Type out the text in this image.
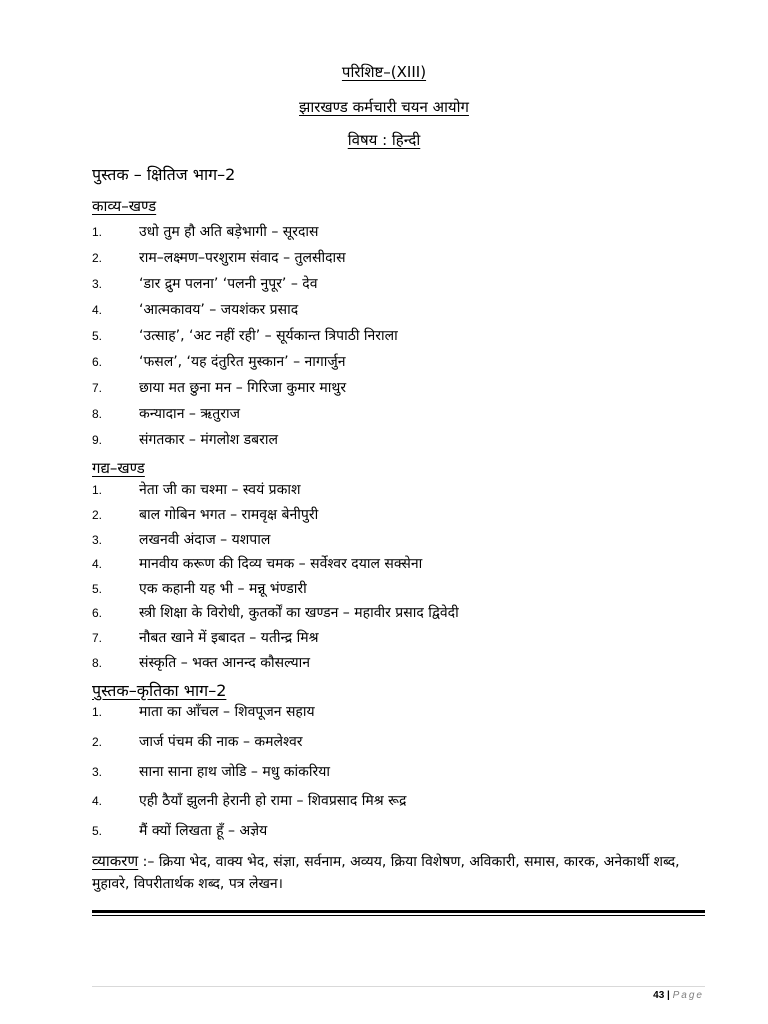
परिशिष्ट–(XIII)
झारखण्ड कर्मचारी चयन आयोग
विषय : हिन्दी
पुस्तक – क्षितिज भाग–2
काव्य–खण्ड
1.	उधो तुम हौ अति बड़ेभागी – सूरदास
2.	राम–लक्ष्मण–परशुराम संवाद – तुलसीदास
3.	‘डार द्रुम पलना’ ‘पलनी नुपूर’ – देव
4.	‘आत्मकावय’ – जयशंकर प्रसाद
5.	‘उत्साह’, ‘अट नहीं रही’ – सूर्यकान्त त्रिपाठी निराला
6.	‘फसल’, ‘यह दंतुरित मुस्कान’ – नागार्जुन
7.	छाया मत छुना मन – गिरिजा कुमार माथुर
8.	कन्यादान – ऋतुराज
9.	संगतकार – मंगलोश डबराल
गद्य–खण्ड
1.	नेता जी का चश्मा – स्वयं प्रकाश
2.	बाल गोबिन भगत – रामवृक्ष बेनीपुरी
3.	लखनवी अंदाज – यशपाल
4.	मानवीय करूण की दिव्य चमक – सर्वेश्वर दयाल सक्सेना
5.	एक कहानी यह भी – मन्नू भंण्डारी
6.	स्त्री शिक्षा के विरोधी, कुतर्कों का खण्डन – महावीर प्रसाद द्विवेदी
7.	नौबत खाने में इबादत – यतीन्द्र मिश्र
8.	संस्कृति – भक्त आनन्द कौसल्यान
पुस्तक–कृतिका भाग–2
1.	माता का आँचल – शिवपूजन सहाय
2.	जार्ज पंचम की नाक – कमलेश्वर
3.	साना साना हाथ जोडि – मधु कांकरिया
4.	एही ठैयाँ झुलनी हेरानी हो रामा – शिवप्रसाद मिश्र रूद्र
5.	मैं क्यों लिखता हूँ – अज्ञेय
व्याकरण :– क्रिया भेद, वाक्य भेद, संज्ञा, सर्वनाम, अव्यय, क्रिया विशेषण, अविकारी, समास, कारक, अनेकार्थी शब्द, मुहावरे, विपरीतार्थक शब्द, पत्र लेखन।
43 | Page
